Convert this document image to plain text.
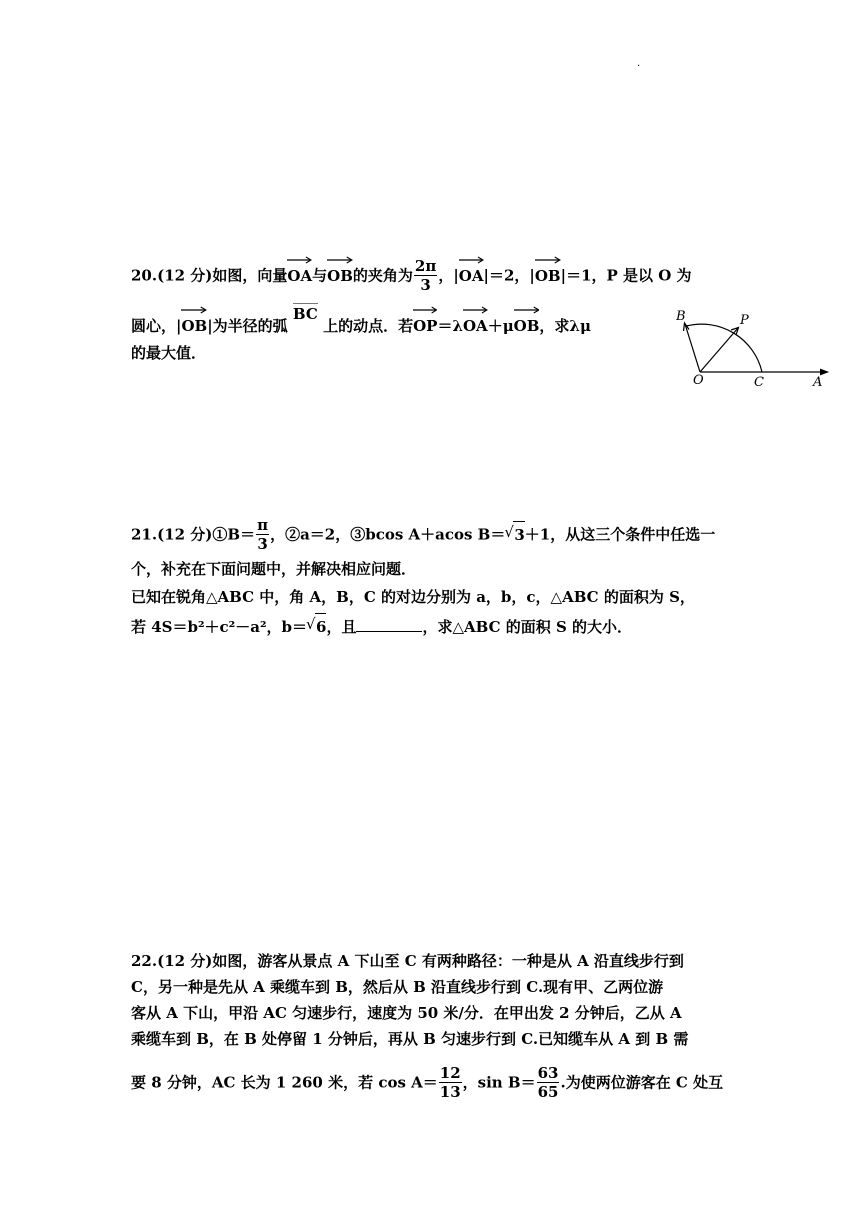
.
20.(12 分)如图，向量
OA与
OB的夹角为 $\frac{2\pi}{3}$ ，|
OA|＝2，|
OB|＝1，P 是以 O 为
圆心，|
OB|为半径的弧 BC 上的动点．若
OP＝λ
OA＋μ
OB，求λμ
的最大值．
B	P
O	C	A
21.(12 分)①B＝ $\frac{\pi}{3}$ ，②a＝2，③bcos A＋acos B＝ √ 3＋1，从这三个条件中任选一
个，补充在下面问题中，并解决相应问题．
已知在锐角△ABC 中，角 A，B，C 的对边分别为 a，b，c，△ABC 的面积为 S，
若 4S＝b²＋c²－a²，b＝ √ 6，且	，求△ABC 的面积 S 的大小．
22.(12 分)如图，游客从景点 A 下山至 C 有两种路径：一种是从 A 沿直线步行到
C，另一种是先从 A 乘缆车到 B，然后从 B 沿直线步行到 C.现有甲、乙两位游
客从 A 下山，甲沿 AC 匀速步行，速度为 50 米/分．在甲出发 2 分钟后，乙从 A
乘缆车到 B，在 B 处停留 1 分钟后，再从 B 匀速步行到 C.已知缆车从 A 到 B 需
要 8 分钟，AC 长为 1 260 米，若 $\cos A= \frac{12}{13}$ ，$\sin B= \frac{63}{65}$ .为使两位游客在 C 处互
